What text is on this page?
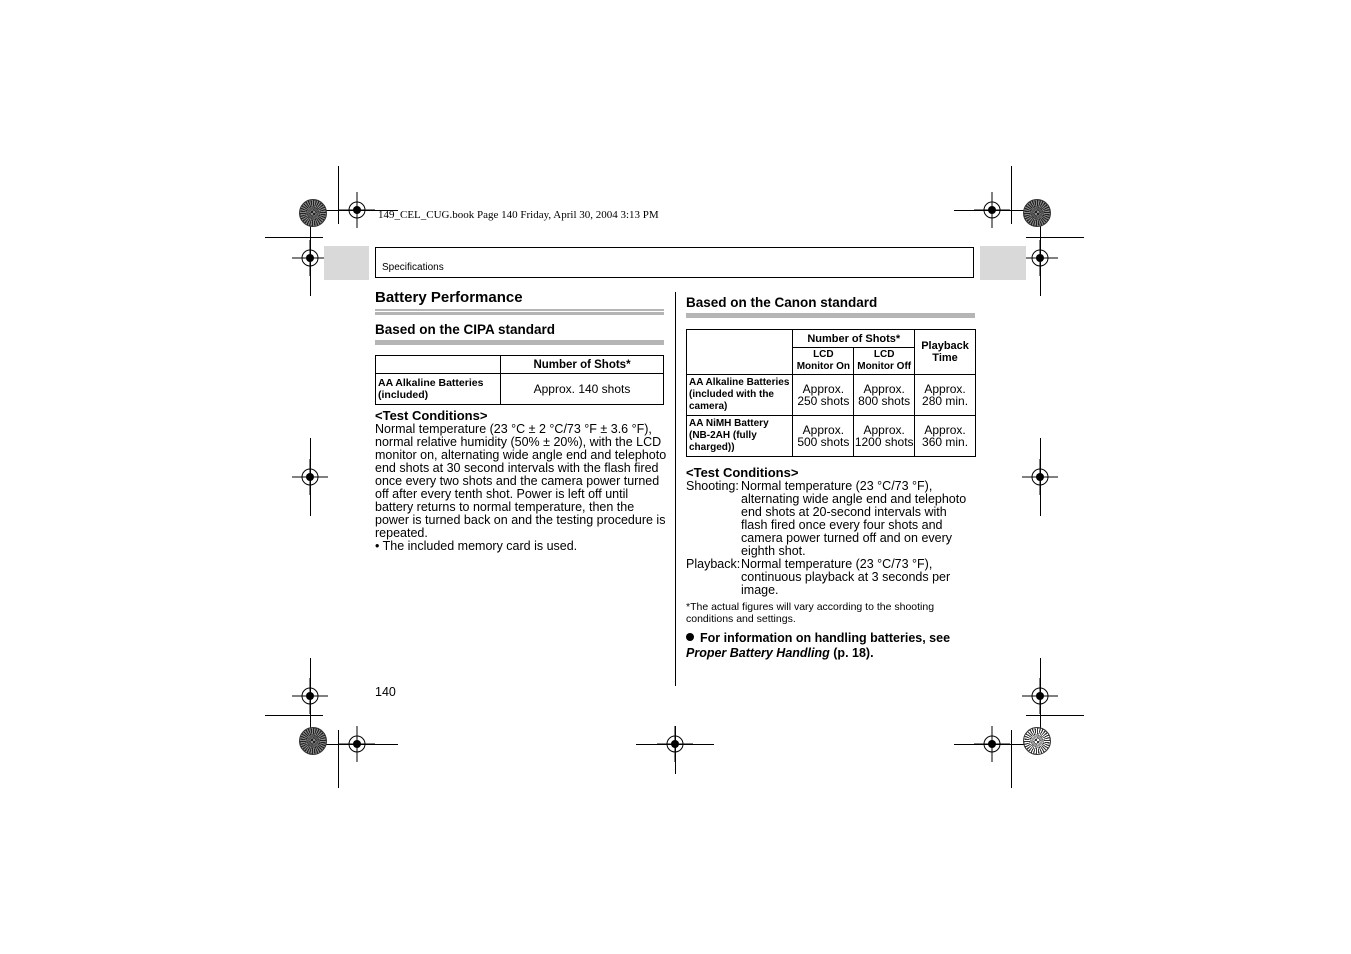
149_CEL_CUG.book Page 140 Friday, April 30, 2004 3:13 PM
Specifications
Battery Performance
Based on the CIPA standard
	Number of Shots*
AA Alkaline Batteries (included)	Approx. 140 shots
<Test Conditions>
Normal temperature (23 °C ± 2 °C/73 °F ± 3.6 °F), normal relative humidity (50% ± 20%), with the LCD monitor on, alternating wide angle end and telephoto end shots at 30 second intervals with the flash fired once every two shots and the camera power turned off after every tenth shot. Power is left off until battery returns to normal temperature, then the power is turned back on and the testing procedure is repeated.
• The included memory card is used.
140
Based on the Canon standard
	Number of Shots*		Playback Time
	LCD Monitor On	LCD Monitor Off	
AA Alkaline Batteries (included with the camera)	Approx. 250 shots	Approx. 800 shots	Approx. 280 min.
AA NiMH Battery (NB-2AH (fully charged))	Approx. 500 shots	Approx. 1200 shots	Approx. 360 min.
<Test Conditions>
Shooting: Normal temperature (23 °C/73 °F), alternating wide angle end and telephoto end shots at 20-second intervals with flash fired once every four shots and camera power turned off and on every eighth shot.
Playback: Normal temperature (23 °C/73 °F), continuous playback at 3 seconds per image.
*The actual figures will vary according to the shooting conditions and settings.
For information on handling batteries, see Proper Battery Handling (p. 18).
